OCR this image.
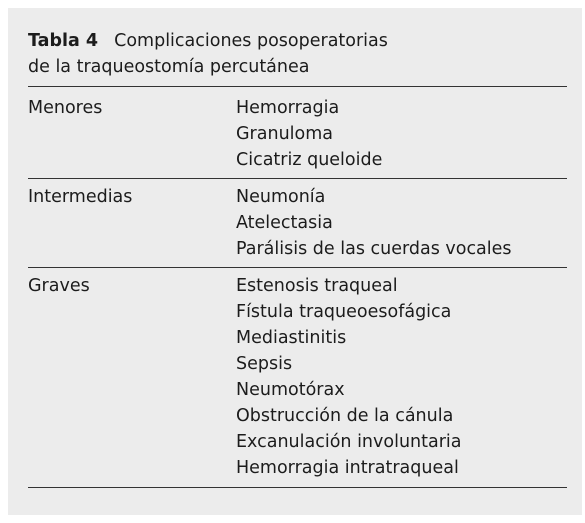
Tabla 4 Complicaciones posoperatorias
de la traqueostomía percutánea
Menores	Hemorragia
Granuloma
Cicatriz queloide
Intermedias	Neumonía
Atelectasia
Parálisis de las cuerdas vocales
Graves	Estenosis traqueal
Fístula traqueoesofágica
Mediastinitis
Sepsis
Neumotórax
Obstrucción de la cánula
Excanulación involuntaria
Hemorragia intratraqueal
